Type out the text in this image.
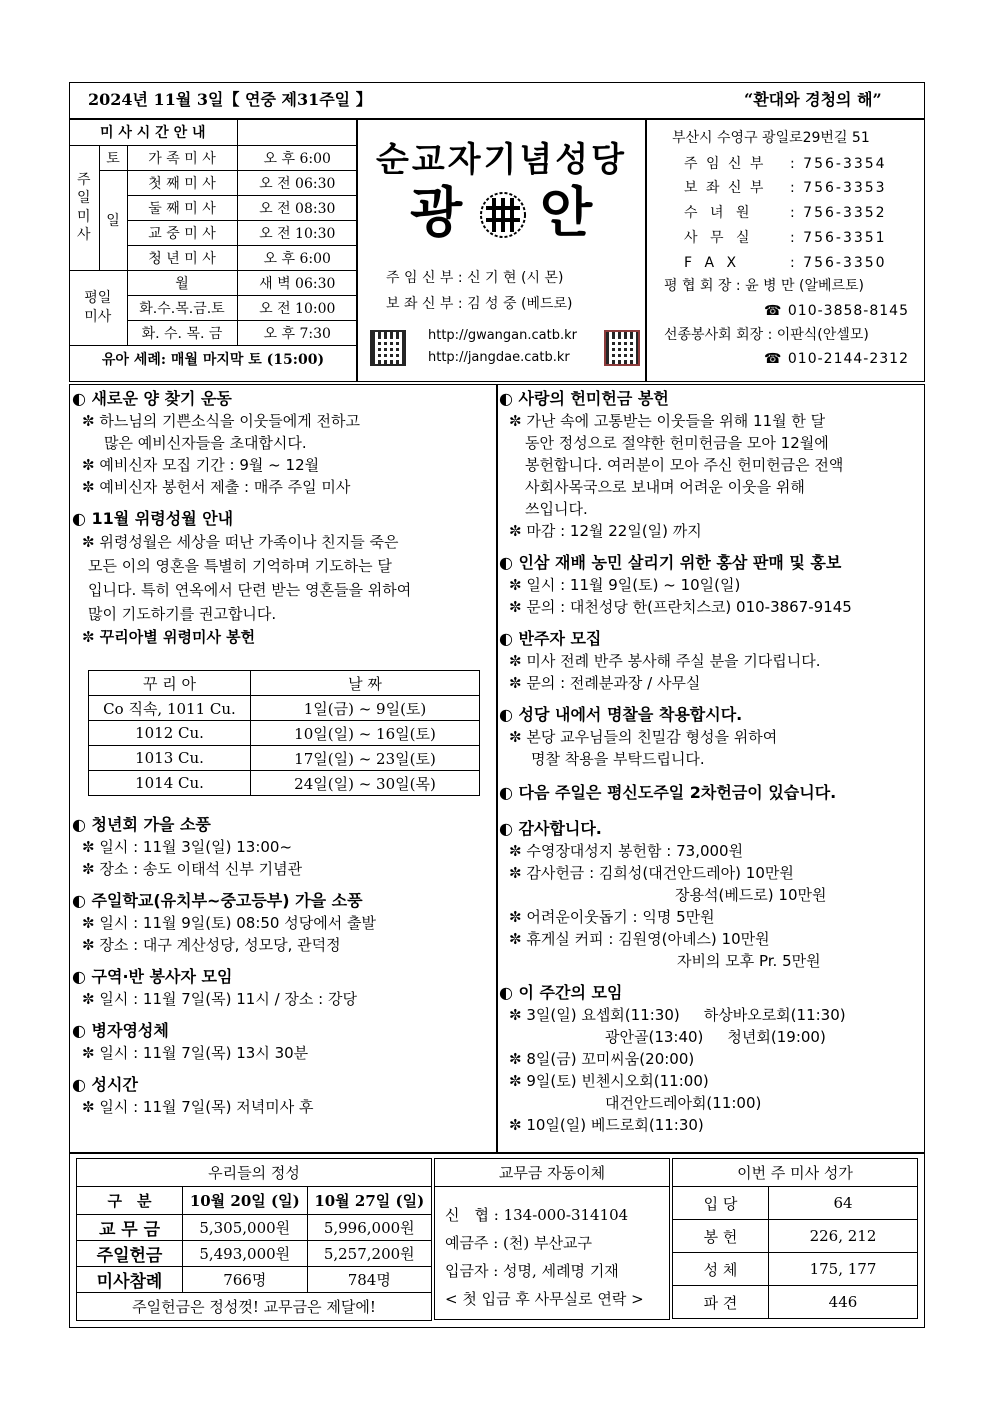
2024년 11월 3일【 연중 제31주일 】	“환대와 경청의 해”
미 사 시 간 안 내			
주일미사	토	가 족 미 사	오 후 6:00
	일	첫 째 미 사	오 전 06:30
		둘 째 미 사	오 전 08:30
		교 중 미 사	오 전 10:30
		청 년 미 사	오 후 6:00
평일미사		월	새 벽 06:30
		화.수.목.금.토	오 전 10:00
		화. 수. 목. 금	오 후 7:30
유아 세례: 매월 마지막 토 (15:00)			
순교자기념성당
광 안
주 임 신 부 : 신 기 현 (시 몬)
보 좌 신 부 : 김 성 중 (베드로)
http://gwangan.catb.kr
http://jangdae.catb.kr
부산시 수영구 광일로29번길 51
주 임 신 부 : 756-3354
보 좌 신 부 : 756-3353
수 녀 원	: 756-3352
사 무 실	: 756-3351
F A X	: 756-3350
평 협 회 장 : 윤 병 만 (알베르토)
☎ 010-3858-8145
선종봉사회 회장 : 이판식(안셀모)
☎ 010-2144-2312
◐ 새로운 양 찾기 운동
✼ 하느님의 기쁜소식을 이웃들에게 전하고
많은 예비신자들을 초대합시다.
✼ 예비신자 모집 기간 : 9월 ~ 12월
✼ 예비신자 봉헌서 제출 : 매주 주일 미사
◐ 11월 위령성월 안내
✼ 위령성월은 세상을 떠난 가족이나 친지들 죽은
모든 이의 영혼을 특별히 기억하며 기도하는 달
입니다. 특히 연옥에서 단련 받는 영혼들을 위하여
많이 기도하기를 권고합니다.
✼ 꾸리아별 위령미사 봉헌
꾸 리 아	날 짜
Co 직속, 1011 Cu.	1일(금) ~ 9일(토)
1012 Cu.	10일(일) ~ 16일(토)
1013 Cu.	17일(일) ~ 23일(토)
1014 Cu.	24일(일) ~ 30일(목)
◐ 청년회 가을 소풍
✼ 일시 : 11월 3일(일) 13:00~
✼ 장소 : 송도 이태석 신부 기념관
◐ 주일학교(유치부~중고등부) 가을 소풍
✼ 일시 : 11월 9일(토) 08:50 성당에서 출발
✼ 장소 : 대구 계산성당, 성모당, 관덕정
◐ 구역·반 봉사자 모임
✼ 일시 : 11월 7일(목) 11시 / 장소 : 강당
◐ 병자영성체
✼ 일시 : 11월 7일(목) 13시 30분
◐ 성시간
✼ 일시 : 11월 7일(목) 저녁미사 후
◐ 사랑의 헌미헌금 봉헌
✼ 가난 속에 고통받는 이웃들을 위해 11월 한 달
동안 정성으로 절약한 헌미헌금을 모아 12월에
봉헌합니다. 여러분이 모아 주신 헌미헌금은 전액
사회사목국으로 보내며 어려운 이웃을 위해
쓰입니다.
✼ 마감 : 12월 22일(일) 까지
◐ 인삼 재배 농민 살리기 위한 홍삼 판매 및 홍보
✼ 일시 : 11월 9일(토) ~ 10일(일)
✼ 문의 : 대천성당 한(프란치스코) 010-3867-9145
◐ 반주자 모집
✼ 미사 전례 반주 봉사해 주실 분을 기다립니다.
✼ 문의 : 전례분과장 / 사무실
◐ 성당 내에서 명찰을 착용합시다.
✼ 본당 교우님들의 친밀감 형성을 위하여
명찰 착용을 부탁드립니다.
◐ 다음 주일은 평신도주일 2차헌금이 있습니다.
◐ 감사합니다.
✼ 수영장대성지 봉헌함 : 73,000원
✼ 감사헌금 : 김희성(대건안드레아) 10만원
장용석(베드로) 10만원
✼ 어려운이웃돕기 : 익명 5만원
✼ 휴게실 커피 : 김원영(아녜스) 10만원
자비의 모후 Pr. 5만원
◐ 이 주간의 모임
✼ 3일(일) 요셉회(11:30) 하상바오로회(11:30)
광안골(13:40) 청년회(19:00)
✼ 8일(금) 꼬미씨움(20:00)
✼ 9일(토) 빈첸시오회(11:00)
대건안드레아회(11:00)
✼ 10일(일) 베드로회(11:30)
우리들의 정성		
구　분	10월 20일 (일)	10월 27일 (일)
교 무 금	5,305,000원	5,996,000원
주일헌금	5,493,000원	5,257,200원
미사참례	766명	784명
주일헌금은 정성껏! 교무금은 제달에!		
교무금 자동이체
신　협 : 134-000-314104
예금주 : (천) 부산교구
입금자 : 성명, 세례명 기재
< 첫 입금 후 사무실로 연락 >
이번 주 미사 성가	
입 당	64
봉 헌	226, 212
성 체	175, 177
파 견	446
